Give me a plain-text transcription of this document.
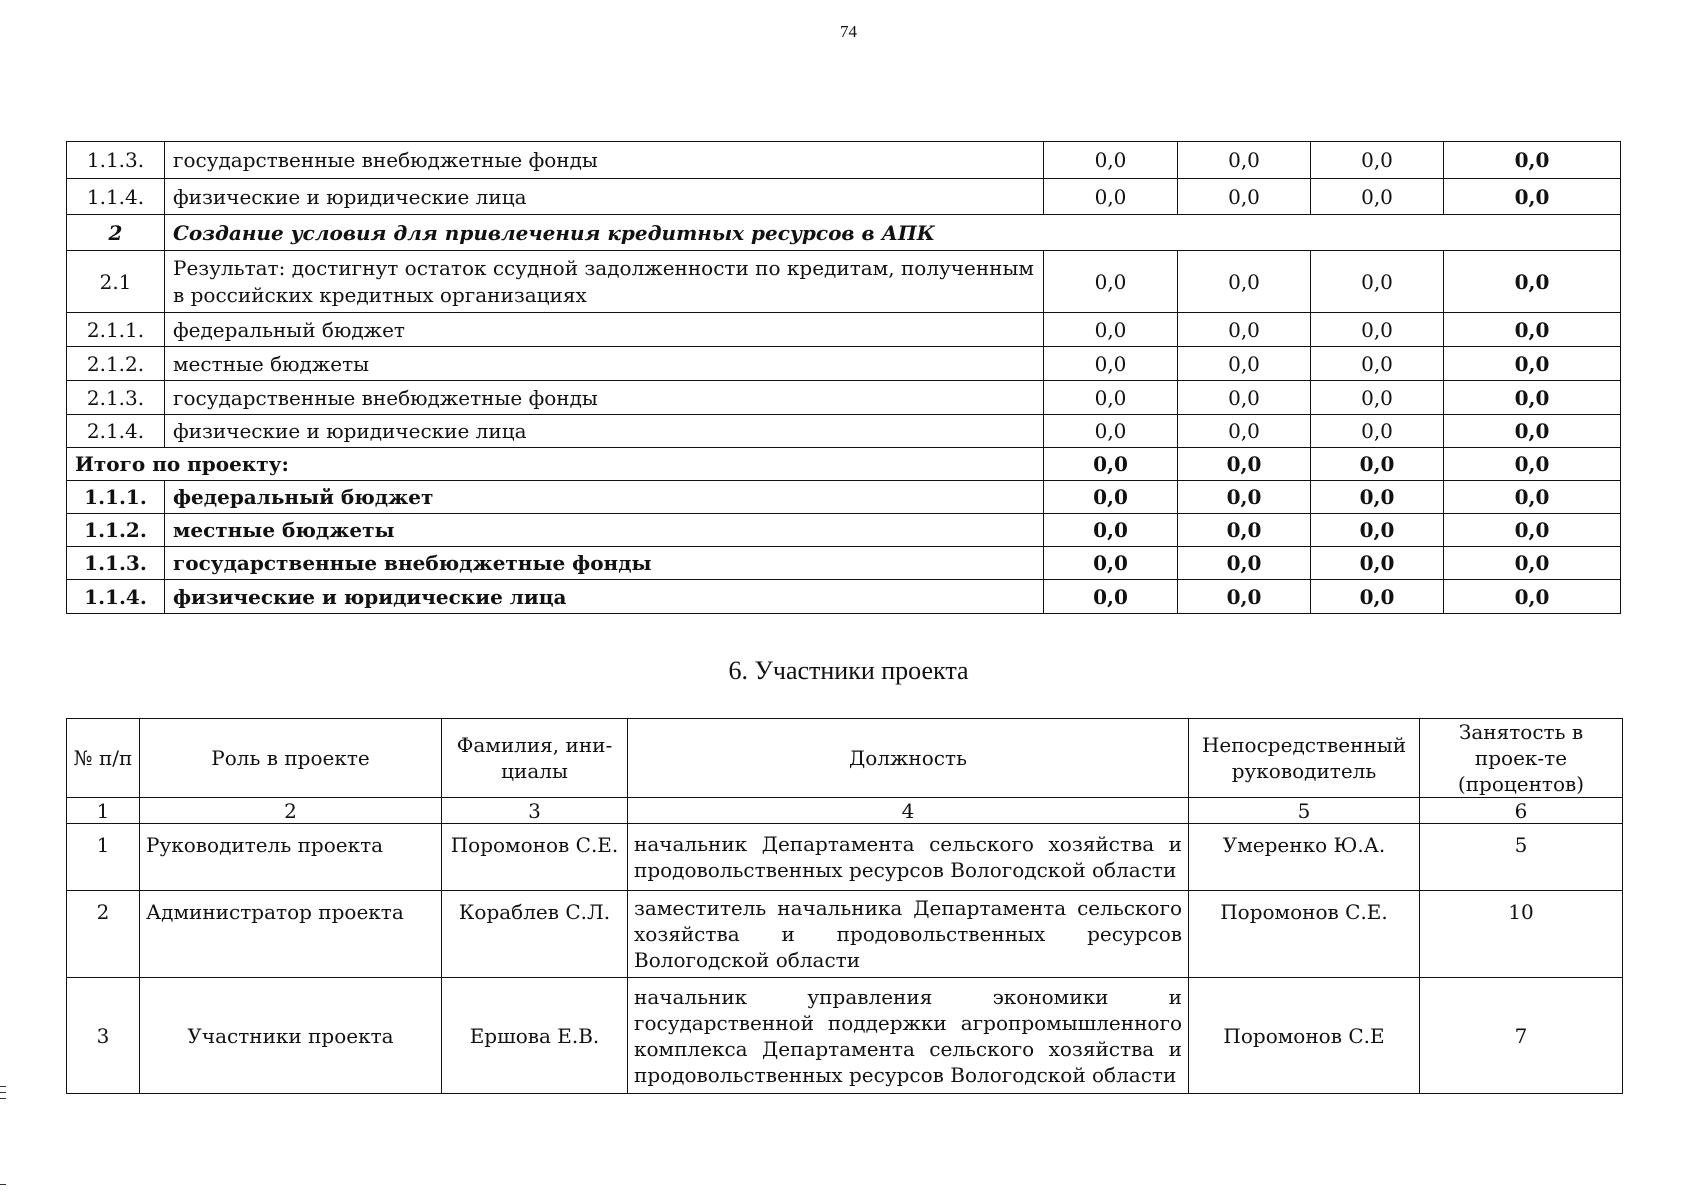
74
1.1.3.	государственные внебюджетные фонды	0,0	0,0	0,0	0,0
1.1.4.	физические и юридические лица	0,0	0,0	0,0	0,0
2	Создание условия для привлечения кредитных ресурсов в АПК				
2.1	Результат: достигнут остаток ссудной задолженности по кредитам, полученным в российских кредитных организациях	0,0	0,0	0,0	0,0
2.1.1.	федеральный бюджет	0,0	0,0	0,0	0,0
2.1.2.	местные бюджеты	0,0	0,0	0,0	0,0
2.1.3.	государственные внебюджетные фонды	0,0	0,0	0,0	0,0
2.1.4.	физические и юридические лица	0,0	0,0	0,0	0,0
Итого по проекту:		0,0	0,0	0,0	0,0
1.1.1.	федеральный бюджет	0,0	0,0	0,0	0,0
1.1.2.	местные бюджеты	0,0	0,0	0,0	0,0
1.1.3.	государственные внебюджетные фонды	0,0	0,0	0,0	0,0
1.1.4.	физические и юридические лица	0,0	0,0	0,0	0,0
6. Участники проекта
№ п/п	Роль в проекте	Фамилия, ини-циалы	Должность	Непосредственный руководитель	Занятость в проек-те (процентов)
1	2	3	4	5	6
1	Руководитель проекта	Поромонов С.Е.	начальник Департамента сельского хозяйства и продовольственных ресурсов Вологодской области	Умеренко Ю.А.	5
2	Администратор проекта	Кораблев С.Л.	заместитель начальника Департамента сельского хозяйства и продовольственных ресурсов Вологодской области	Поромонов С.Е.	10
3	Участники проекта	Ершова Е.В.	начальник управления экономики и государственной поддержки агропромышленного комплекса Департамента сельского хозяйства и продовольственных ресурсов Вологодской области	Поромонов С.Е	7
